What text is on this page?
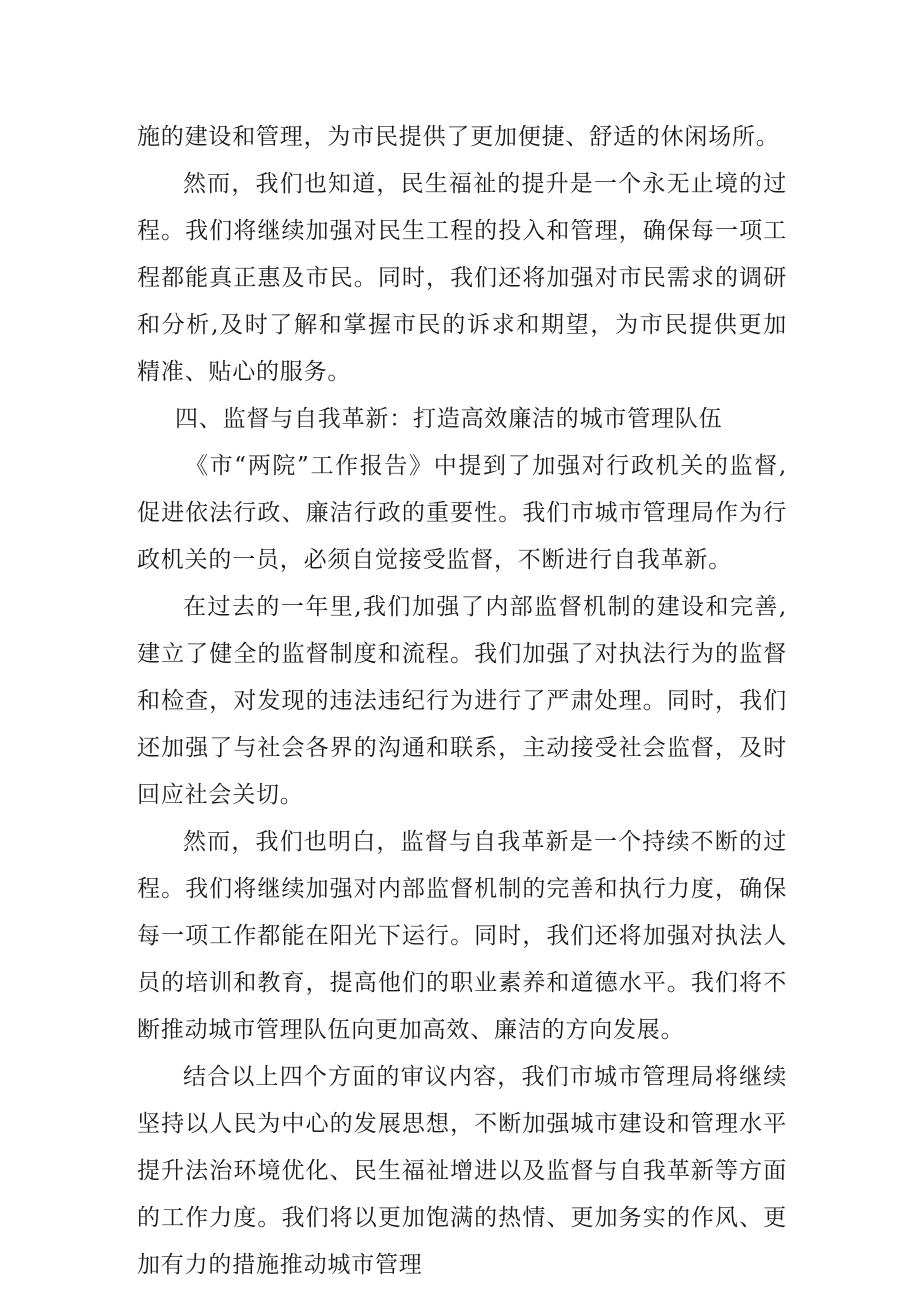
施的建设和管理，为市民提供了更加便捷、舒适的休闲场所。

然而，我们也知道，民生福祉的提升是一个永无止境的过程。我们将继续加强对民生工程的投入和管理，确保每一项工程都能真正惠及市民。同时，我们还将加强对市民需求的调研和分析,及时了解和掌握市民的诉求和期望，为市民提供更加精准、贴心的服务。

四、监督与自我革新：打造高效廉洁的城市管理队伍

《市“两院”工作报告》中提到了加强对行政机关的监督,促进依法行政、廉洁行政的重要性。我们市城市管理局作为行政机关的一员，必须自觉接受监督，不断进行自我革新。

在过去的一年里,我们加强了内部监督机制的建设和完善,建立了健全的监督制度和流程。我们加强了对执法行为的监督和检查，对发现的违法违纪行为进行了严肃处理。同时，我们还加强了与社会各界的沟通和联系，主动接受社会监督，及时回应社会关切。

然而，我们也明白，监督与自我革新是一个持续不断的过程。我们将继续加强对内部监督机制的完善和执行力度，确保每一项工作都能在阳光下运行。同时，我们还将加强对执法人员的培训和教育，提高他们的职业素养和道德水平。我们将不断推动城市管理队伍向更加高效、廉洁的方向发展。

结合以上四个方面的审议内容，我们市城市管理局将继续坚持以人民为中心的发展思想，不断加强城市建设和管理水平提升法治环境优化、民生福祉增进以及监督与自我革新等方面的工作力度。我们将以更加饱满的热情、更加务实的作风、更加有力的措施推动城市管理
